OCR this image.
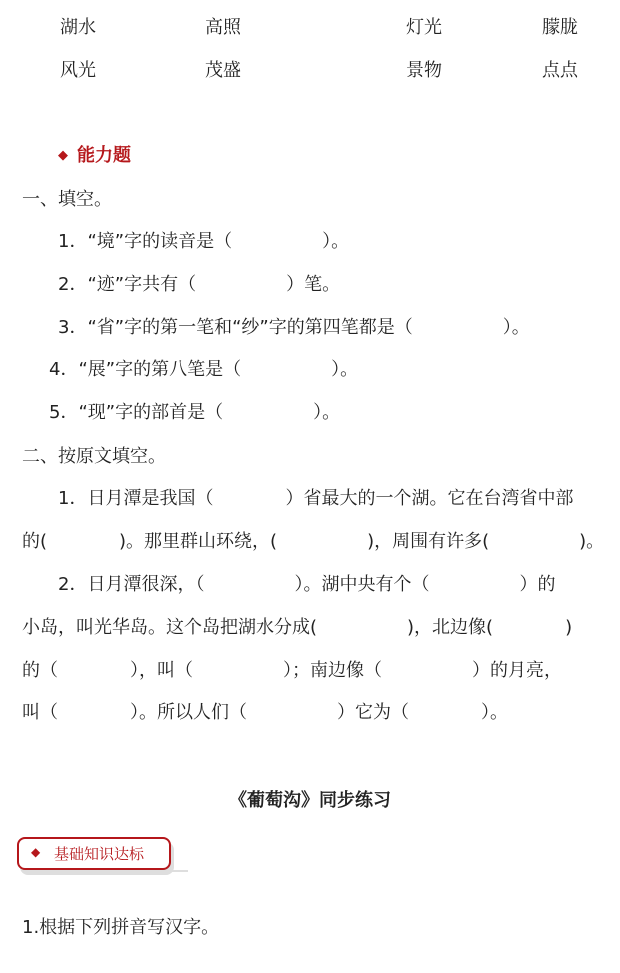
湖水	高照	灯光	朦胧
风光	茂盛	景物	点点
◆ 能力题
一、填空。
1．“境”字的读音是（　　　　　）。
2．“迹”字共有（　　　　　）笔。
3．“省”字的第一笔和“纱”字的第四笔都是（　　　　　）。
4．“展”字的第八笔是（　　　　　）。
5．“现”字的部首是（　　　　　）。
二、按原文填空。
1．日月潭是我国（　　　　）省最大的一个湖。它在台湾省中部
的(　　　　)。那里群山环绕，(　　　　　)，周围有许多(　　　　　)。
2．日月潭很深，（　　　　　）。湖中央有个（　　　　　）的
小岛，叫光华岛。这个岛把湖水分成(　　　　　)，北边像(　　　　)
的（　　　　），叫（　　　　　）；南边像（　　　　　）的月亮，
叫（　　　　）。所以人们（　　　　　）它为（　　　　）。
《葡萄沟》同步练习
◆ 基础知识达标
1.根据下列拼音写汉字。
